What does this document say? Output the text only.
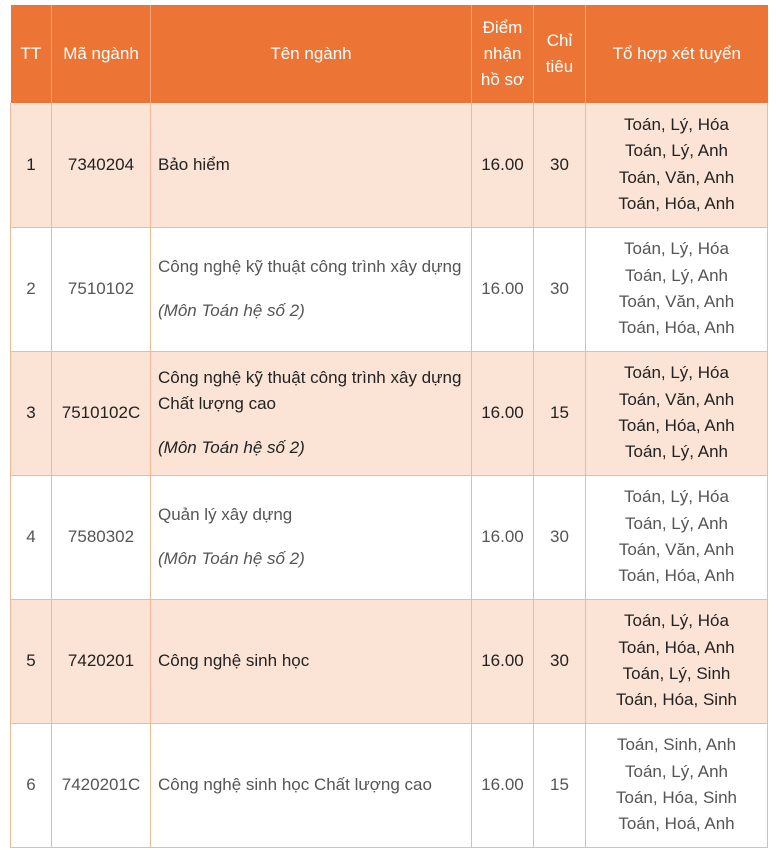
TT	Mã ngành	Tên ngành	Điểm
nhận
hồ sơ	Chỉ
tiêu	Tổ hợp xét tuyển
1	7340204	Bảo hiểm	16.00	30	Toán, Lý, Hóa
Toán, Lý, Anh
Toán, Văn, Anh
Toán, Hóa, Anh

2	7510102	Công nghệ kỹ thuật công trình xây dựng
(Môn Toán hệ số 2)	16.00	30	Toán, Lý, Hóa
Toán, Lý, Anh
Toán, Văn, Anh
Toán, Hóa, Anh

3	7510102C	Công nghệ kỹ thuật công trình xây dựng Chất lượng cao
(Môn Toán hệ số 2)	16.00	15	Toán, Lý, Hóa
Toán, Văn, Anh
Toán, Hóa, Anh
Toán, Lý, Anh

4	7580302	Quản lý xây dựng
(Môn Toán hệ số 2)	16.00	30	Toán, Lý, Hóa
Toán, Lý, Anh
Toán, Văn, Anh
Toán, Hóa, Anh

5	7420201	Công nghệ sinh học	16.00	30	Toán, Lý, Hóa
Toán, Hóa, Anh
Toán, Lý, Sinh
Toán, Hóa, Sinh

6	7420201C	Công nghệ sinh học Chất lượng cao	16.00	15	Toán, Sinh, Anh
Toán, Lý, Anh
Toán, Hóa, Sinh
Toán, Hoá, Anh
